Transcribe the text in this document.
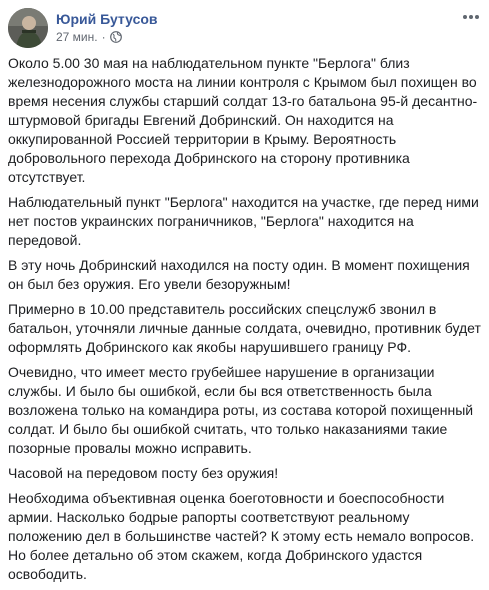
Юрий Бутусов
27 мин. ·

Около 5.00 30 мая на наблюдательном пункте "Берлога" близ железнодорожного моста на линии контроля с Крымом был похищен во время несения службы старший солдат 13-го батальона 95-й десантно-штурмовой бригады Евгений Добринский. Он находится на оккупированной Россией территории в Крыму. Вероятность добровольного перехода Добринского на сторону противника отсутствует.

Наблюдательный пункт "Берлога" находится на участке, где перед ними нет постов украинских пограничников, "Берлога" находится на передовой.

В эту ночь Добринский находился на посту один. В момент похищения он был без оружия. Его увели безоружным!

Примерно в 10.00 представитель российских спецслужб звонил в батальон, уточняли личные данные солдата, очевидно, противник будет оформлять Добринского как якобы нарушившего границу РФ.

Очевидно, что имеет место грубейшее нарушение в организации службы. И было бы ошибкой, если бы вся ответственность была возложена только на командира роты, из состава которой похищенный солдат. И было бы ошибкой считать, что только наказаниями такие позорные провалы можно исправить.

Часовой на передовом посту без оружия!

Необходима объективная оценка боеготовности и боеспособности армии. Насколько бодрые рапорты соответствуют реальному положению дел в большинстве частей? К этому есть немало вопросов. Но более детально об этом скажем, когда Добринского удастся освободить.
